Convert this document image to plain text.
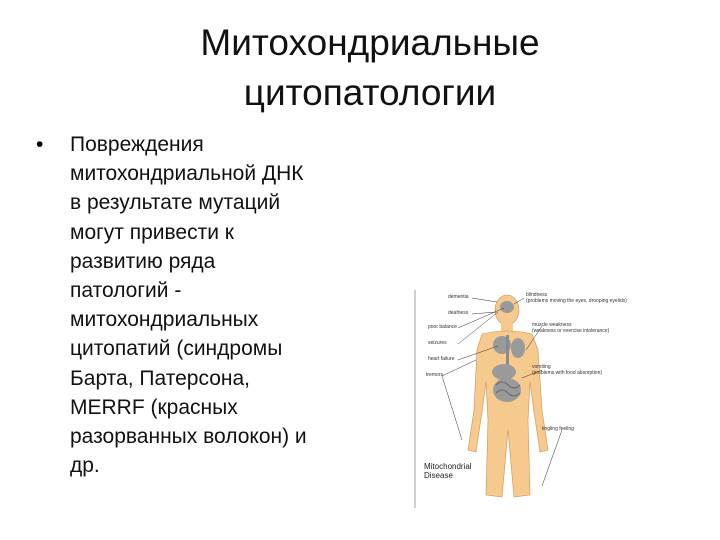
Митохондриальные
цитопатологии
• Повреждения
митохондриальной ДНК
в результате мутаций
могут привести к
развитию ряда
патологий -
митохондриальных
цитопатий (синдромы
Барта, Патерсона,
MERRF (красных
разорванных волокон) и
др.
dementia
deafness
poor balance
seizures
heart failure
tremors
blindness
(problems moving the eyes, drooping eyelids)
muscle weakness
(weakness or exercise intolerance)
vomiting
(problems with food absorption)
tingling feeling
Mitochondrial
Disease
